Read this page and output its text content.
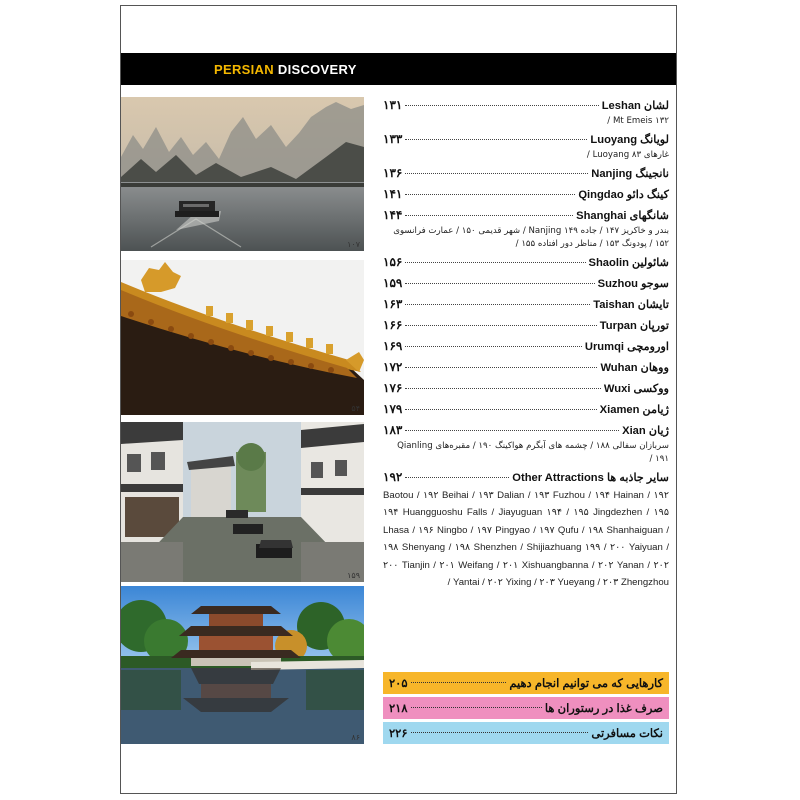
PERSIAN DISCOVERY
۱۰۷
۵۴
۱۵۹
۸۶
لشان Leshan
۱۳۱
Mt Emeis ۱۳۲ /
لویانگ Luoyang
۱۳۳
غارهای Luoyang ۸۳ /
نانجینگ Nanjing
۱۳۶
کینگ دائو Qingdao
۱۴۱
شانگهای Shanghai
۱۴۴
بندر و خاکریز ۱۴۷ / جاده Nanjing ۱۴۹ / شهر قدیمی ۱۵۰ / عمارت فرانسوی ۱۵۲ / پودونگ ۱۵۳ / مناظر دور افتاده ۱۵۵ /
شائولین Shaolin
۱۵۶
سوجو Suzhou
۱۵۹
تایشان Taishan
۱۶۳
تورپان Turpan
۱۶۶
اورومچی Urumqi
۱۶۹
ووهان Wuhan
۱۷۲
ووکسی Wuxi
۱۷۶
ژیامن Xiamen
۱۷۹
ژیان Xian
۱۸۳
سربازان سفالی ۱۸۸ / چشمه های آبگرم هواکینگ ۱۹۰ / مقبره‌های Qianling ۱۹۱ /
سایر جاذبه ها Other Attractions
۱۹۲
۱۹۲ Baotou / ۱۹۲ Beihai / ۱۹۳ Dalian / ۱۹۳ Fuzhou / ۱۹۴ Hainan / ۱۹۴ Huangguoshu Falls / Jiayuguan ۱۹۴ / ۱۹۵ Jingdezhen / ۱۹۵ Lhasa / ۱۹۶ Ningbo / ۱۹۷ Pingyao / ۱۹۷ Qufu / ۱۹۸ Shanhaiguan / ۱۹۸ Shenyang / ۱۹۸ Shenzhen / Shijiazhuang ۱۹۹ / ۲۰۰ Yaiyuan / ۲۰۰ Tianjin / ۲۰۱ Weifang / ۲۰۱ Xishuangbanna / ۲۰۲ Yanan / ۲۰۲ Yantai / ۲۰۲ Yixing / ۲۰۳ Yueyang / ۲۰۳ Zhengzhou /
کارهایی که می توانیم انجام دهیم
۲۰۵
صرف غذا در رستوران ها
۲۱۸
نکات مسافرتی
۲۲۶
